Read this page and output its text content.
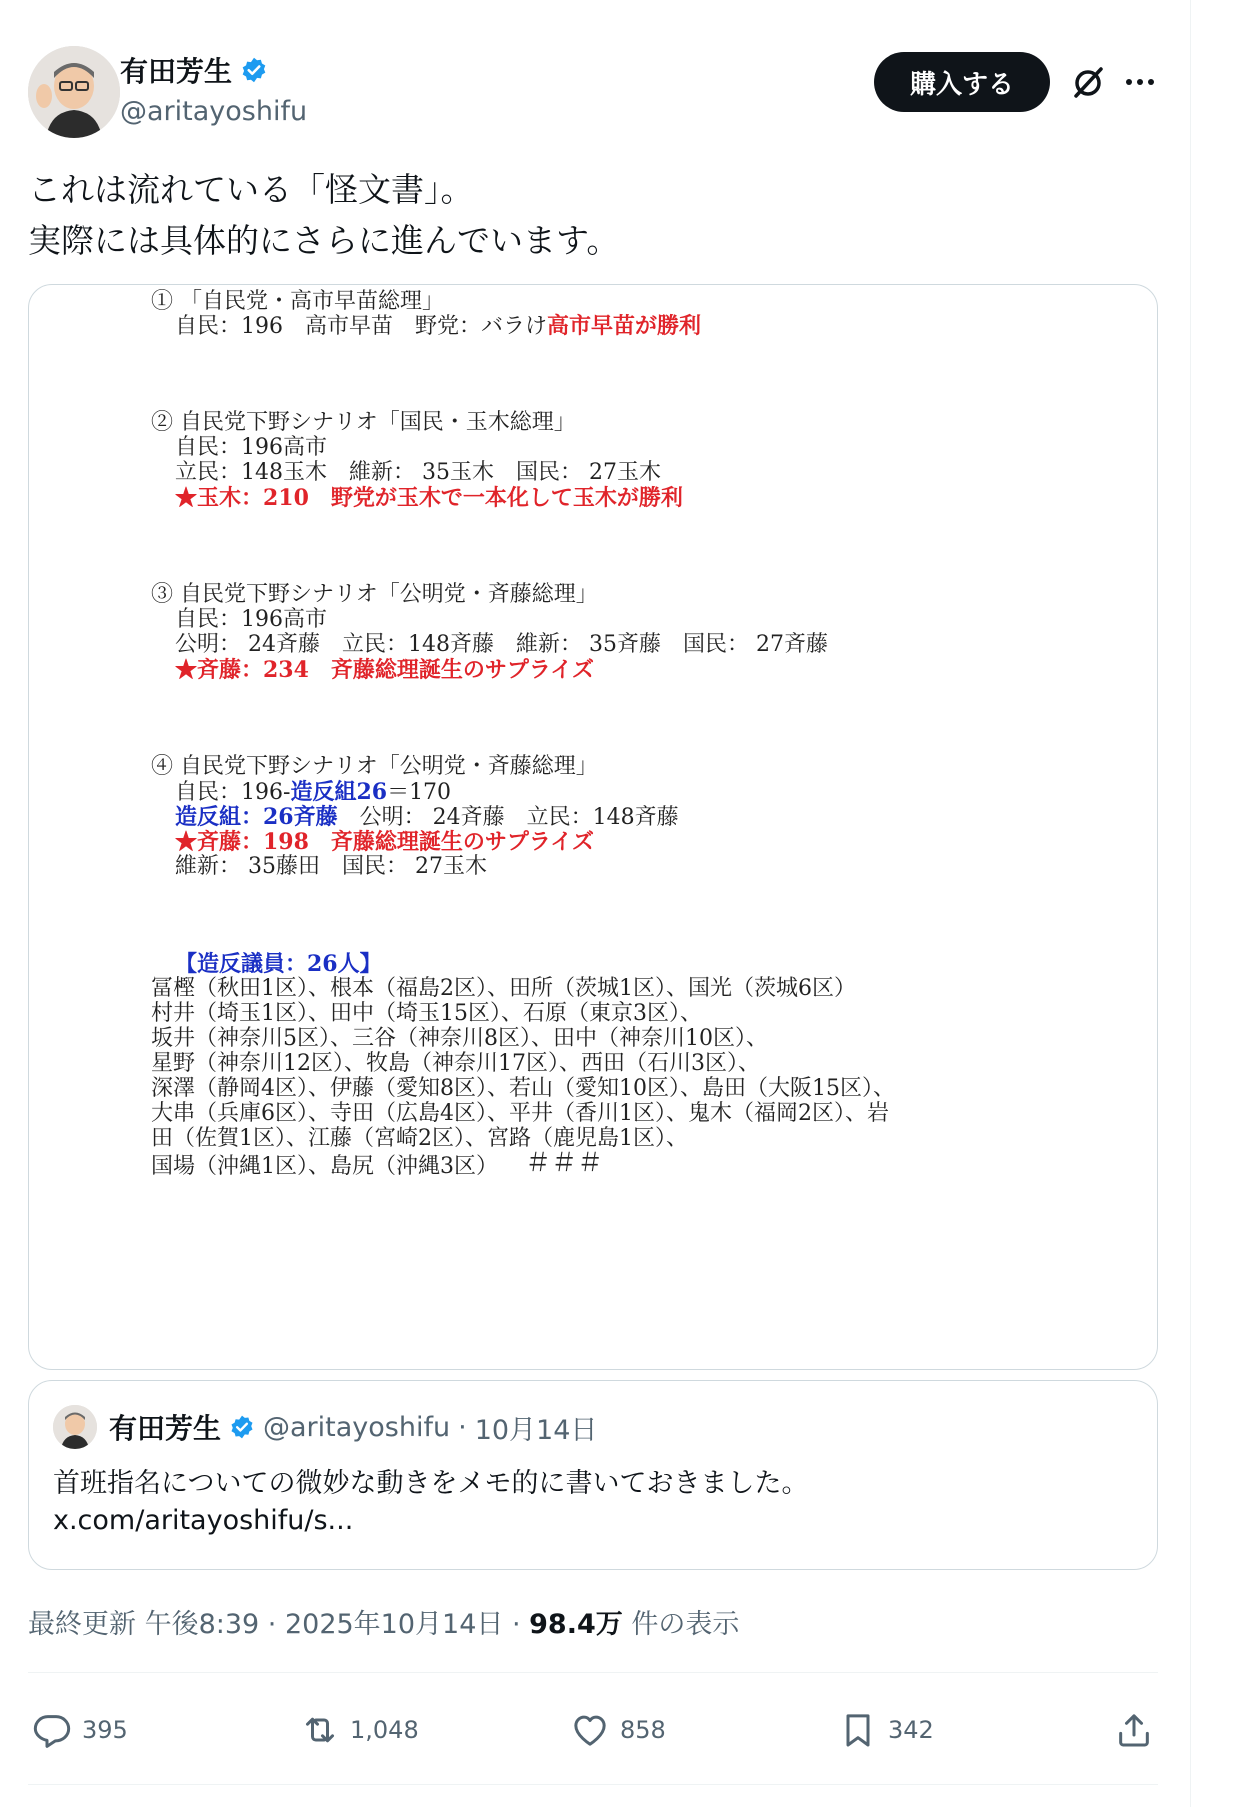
有田芳生
@aritayoshifu
購入する
これは流れている「怪文書」。
実際には具体的にさらに進んでいます。
① 「自民党・高市早苗総理」
自民：196　高市早苗　野党：バラけ高市早苗が勝利
② 自民党下野シナリオ「国民・玉木総理」
自民：196高市
立民：148玉木　維新： 35玉木　国民： 27玉木
★玉木：210　野党が玉木で一本化して玉木が勝利
③ 自民党下野シナリオ「公明党・斉藤総理」
自民：196高市
公明： 24斉藤　立民：148斉藤　維新： 35斉藤　国民： 27斉藤
★斉藤：234　斉藤総理誕生のサプライズ
④ 自民党下野シナリオ「公明党・斉藤総理」
自民：196-造反組26＝170
造反組：26斉藤　公明： 24斉藤　立民：148斉藤
★斉藤：198　斉藤総理誕生のサプライズ
維新： 35藤田　国民： 27玉木
【造反議員：26人】
冨樫（秋田1区）、根本（福島2区）、田所（茨城1区）、国光（茨城6区）
村井（埼玉1区）、田中（埼玉15区）、石原（東京3区）、
坂井（神奈川5区）、三谷（神奈川8区）、田中（神奈川10区）、
星野（神奈川12区）、牧島（神奈川17区）、西田（石川3区）、
深澤（静岡4区）、伊藤（愛知8区）、若山（愛知10区）、島田（大阪15区）、
大串（兵庫6区）、寺田（広島4区）、平井（香川1区）、鬼木（福岡2区）、岩
田（佐賀1区）、江藤（宮崎2区）、宮路（鹿児島1区）、
国場（沖縄1区）、島尻（沖縄3区） ＃＃＃
有田芳生 @aritayoshifu · 10月14日
首班指名についての微妙な動きをメモ的に書いておきました。
x.com/aritayoshifu/s...
最終更新 午後8:39 · 2025年10月14日 · 98.4万 件の表示
395	1,048	858	342
